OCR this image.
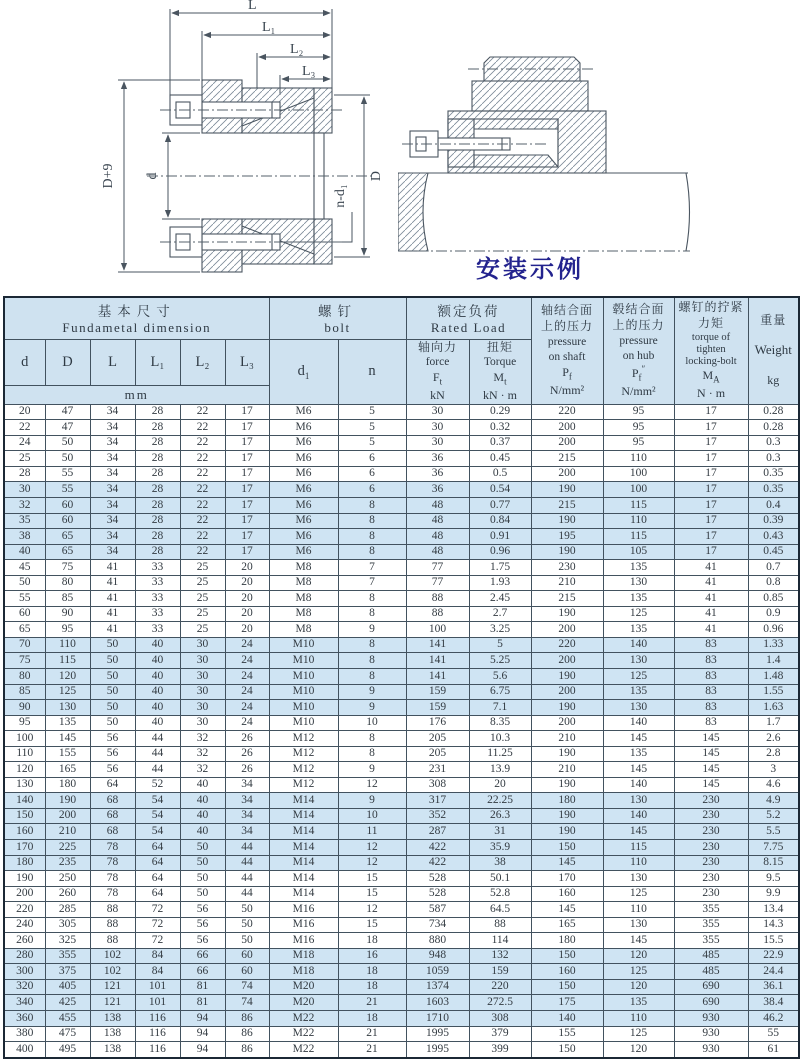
L
L₁
L₂
L₃
D+9 d	D
n-d₁
安装示例
基本尺寸
Fundametal dimension

螺钉
bolt

额定负荷
Rated Load

轴结合面
上的压力
pressure
on shaft
$P_f$
N/mm²

毂结合面
上的压力
pressure
on hub
$P_f''$
N/mm²

螺钉的拧紧
力矩
torque of
tighten
locking-bolt
$M_A$
N · m

重量
Weight
kg

d	D	L	L₁	L₂	L₃	$d_1$	n	轴向力
force
$F_t$
kN	扭矩
Torque
$M_t$
kN · m				

mm													
20	47	34	28	22	17	M6	5	30	0.29	220	95	17	0.28
22	47	34	28	22	17	M6	5	30	0.32	200	95	17	0.28
24	50	34	28	22	17	M6	5	30	0.37	200	95	17	0.3
25	50	34	28	22	17	M6	6	36	0.45	215	110	17	0.3
28	55	34	28	22	17	M6	6	36	0.5	200	100	17	0.35
30	55	34	28	22	17	M6	6	36	0.54	190	100	17	0.35
32	60	34	28	22	17	M6	8	48	0.77	215	115	17	0.4
35	60	34	28	22	17	M6	8	48	0.84	190	110	17	0.39
38	65	34	28	22	17	M6	8	48	0.91	195	115	17	0.43
40	65	34	28	22	17	M6	8	48	0.96	190	105	17	0.45
45	75	41	33	25	20	M8	7	77	1.75	230	135	41	0.7
50	80	41	33	25	20	M8	7	77	1.93	210	130	41	0.8
55	85	41	33	25	20	M8	8	88	2.45	215	135	41	0.85
60	90	41	33	25	20	M8	8	88	2.7	190	125	41	0.9
65	95	41	33	25	20	M8	9	100	3.25	200	135	41	0.96
70	110	50	40	30	24	M10	8	141	5	220	140	83	1.33
75	115	50	40	30	24	M10	8	141	5.25	200	130	83	1.4
80	120	50	40	30	24	M10	8	141	5.6	190	125	83	1.48
85	125	50	40	30	24	M10	9	159	6.75	200	135	83	1.55
90	130	50	40	30	24	M10	9	159	7.1	190	130	83	1.63
95	135	50	40	30	24	M10	10	176	8.35	200	140	83	1.7
100	145	56	44	32	26	M12	8	205	10.3	210	145	145	2.6
110	155	56	44	32	26	M12	8	205	11.25	190	135	145	2.8
120	165	56	44	32	26	M12	9	231	13.9	210	145	145	3
130	180	64	52	40	34	M12	12	308	20	190	140	145	4.6
140	190	68	54	40	34	M14	9	317	22.25	180	130	230	4.9
150	200	68	54	40	34	M14	10	352	26.3	190	140	230	5.2
160	210	68	54	40	34	M14	11	287	31	190	145	230	5.5
170	225	78	64	50	44	M14	12	422	35.9	150	115	230	7.75
180	235	78	64	50	44	M14	12	422	38	145	110	230	8.15
190	250	78	64	50	44	M14	15	528	50.1	170	130	230	9.5
200	260	78	64	50	44	M14	15	528	52.8	160	125	230	9.9
220	285	88	72	56	50	M16	12	587	64.5	145	110	355	13.4
240	305	88	72	56	50	M16	15	734	88	165	130	355	14.3
260	325	88	72	56	50	M16	18	880	114	180	145	355	15.5
280	355	102	84	66	60	M18	16	948	132	150	120	485	22.9
300	375	102	84	66	60	M18	18	1059	159	160	125	485	24.4
320	405	121	101	81	74	M20	18	1374	220	150	120	690	36.1
340	425	121	101	81	74	M20	21	1603	272.5	175	135	690	38.4
360	455	138	116	94	86	M22	18	1710	308	140	110	930	46.2
380	475	138	116	94	86	M22	21	1995	379	155	125	930	55
400	495	138	116	94	86	M22	21	1995	399	150	120	930	61
